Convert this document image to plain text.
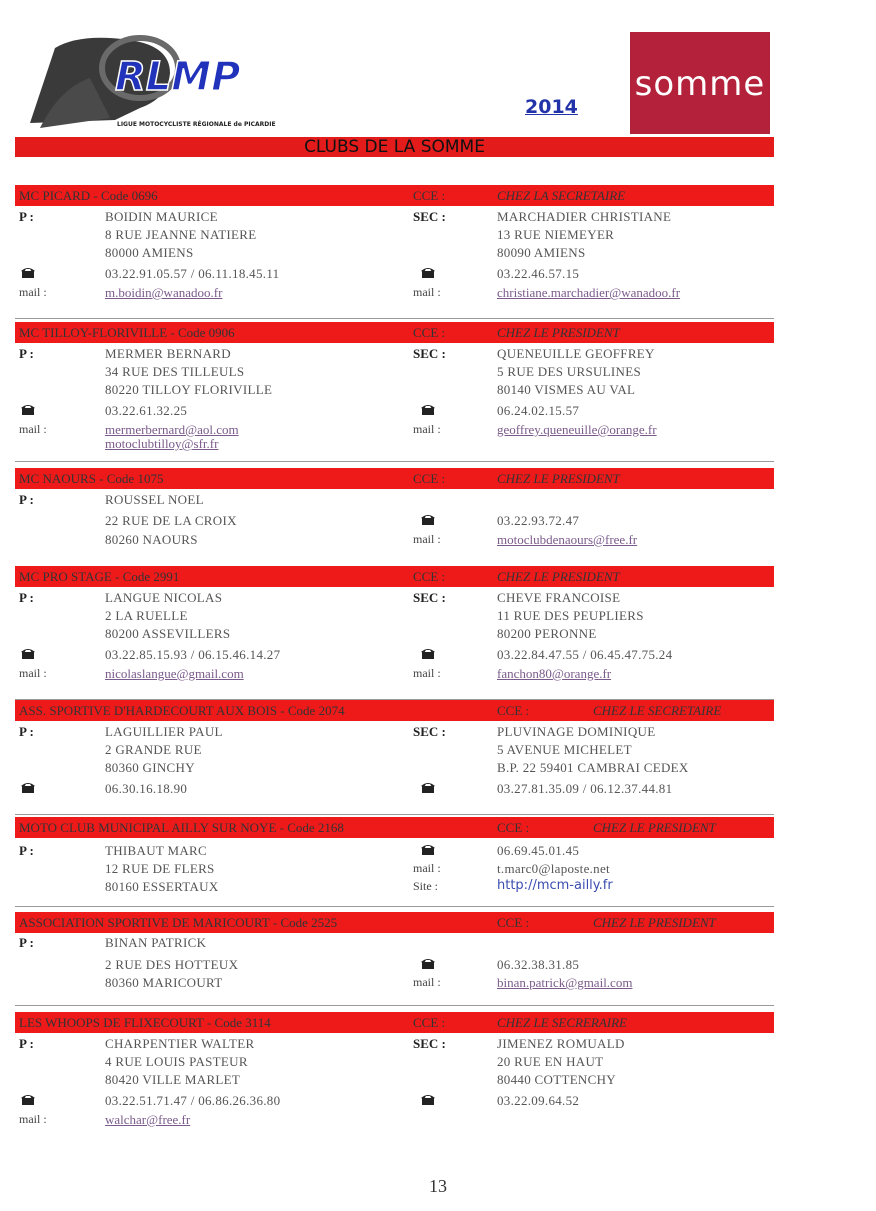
RLMP
LIGUE MOTOCYCLISTE RÉGIONALE de PICARDIE
2014
somme
CLUBS DE LA SOMME
MC PICARD - Code 0696	CCE :	CHEZ LA SECRETAIRE
P :	BOIDIN MAURICE
8 RUE JEANNE NATIERE
80000 AMIENS
03.22.91.05.57 / 06.11.18.45.11
mail :	m.boidin@wanadoo.fr
SEC :	MARCHADIER CHRISTIANE
13 RUE NIEMEYER
80090 AMIENS
03.22.46.57.15
mail :	christiane.marchadier@wanadoo.fr
MC TILLOY-FLORIVILLE - Code 0906	CCE :	CHEZ LE PRESIDENT
P :	MERMER BERNARD
34 RUE DES TILLEULS
80220 TILLOY FLORIVILLE
03.22.61.32.25
mail :	mermerbernard@aol.com
motoclubtilloy@sfr.fr
SEC :	QUENEUILLE GEOFFREY
5 RUE DES URSULINES
80140 VISMES AU VAL
06.24.02.15.57
mail :	geoffrey.queneuille@orange.fr
MC NAOURS - Code 1075	CCE :	CHEZ LE PRESIDENT
P :	ROUSSEL NOEL
22 RUE DE LA CROIX
80260 NAOURS
03.22.93.72.47
mail :	motoclubdenaours@free.fr
MC PRO STAGE - Code 2991	CCE :	CHEZ LE PRESIDENT
P :	LANGUE NICOLAS
2 LA RUELLE
80200 ASSEVILLERS
03.22.85.15.93 / 06.15.46.14.27
mail :	nicolaslangue@gmail.com
SEC :	CHEVE FRANCOISE
11 RUE DES PEUPLIERS
80200 PERONNE
03.22.84.47.55 / 06.45.47.75.24
mail :	fanchon80@orange.fr
ASS. SPORTIVE D'HARDECOURT AUX BOIS - Code 2074	CCE :	CHEZ LE SECRETAIRE
P :	LAGUILLIER PAUL
2 GRANDE RUE
80360 GINCHY
06.30.16.18.90
SEC :	PLUVINAGE DOMINIQUE
5 AVENUE MICHELET
B.P. 22 59401 CAMBRAI CEDEX
03.27.81.35.09 / 06.12.37.44.81
MOTO CLUB MUNICIPAL AILLY SUR NOYE - Code 2168	CCE :	CHEZ LE PRESIDENT
P :	THIBAUT MARC
12 RUE DE FLERS
80160 ESSERTAUX
06.69.45.01.45
mail :	t.marc0@laposte.net
Site :	http://mcm-ailly.fr
ASSOCIATION SPORTIVE DE MARICOURT - Code 2525	CCE :	CHEZ LE PRESIDENT
P :	BINAN PATRICK
2 RUE DES HOTTEUX
80360 MARICOURT
06.32.38.31.85
mail :	binan.patrick@gmail.com
LES WHOOPS DE FLIXECOURT - Code 3114	CCE :	CHEZ LE SECRERAIRE
P :	CHARPENTIER WALTER
4 RUE LOUIS PASTEUR
80420 VILLE MARLET
03.22.51.71.47 / 06.86.26.36.80
mail :	walchar@free.fr
SEC :	JIMENEZ ROMUALD
20 RUE EN HAUT
80440 COTTENCHY
03.22.09.64.52
13
